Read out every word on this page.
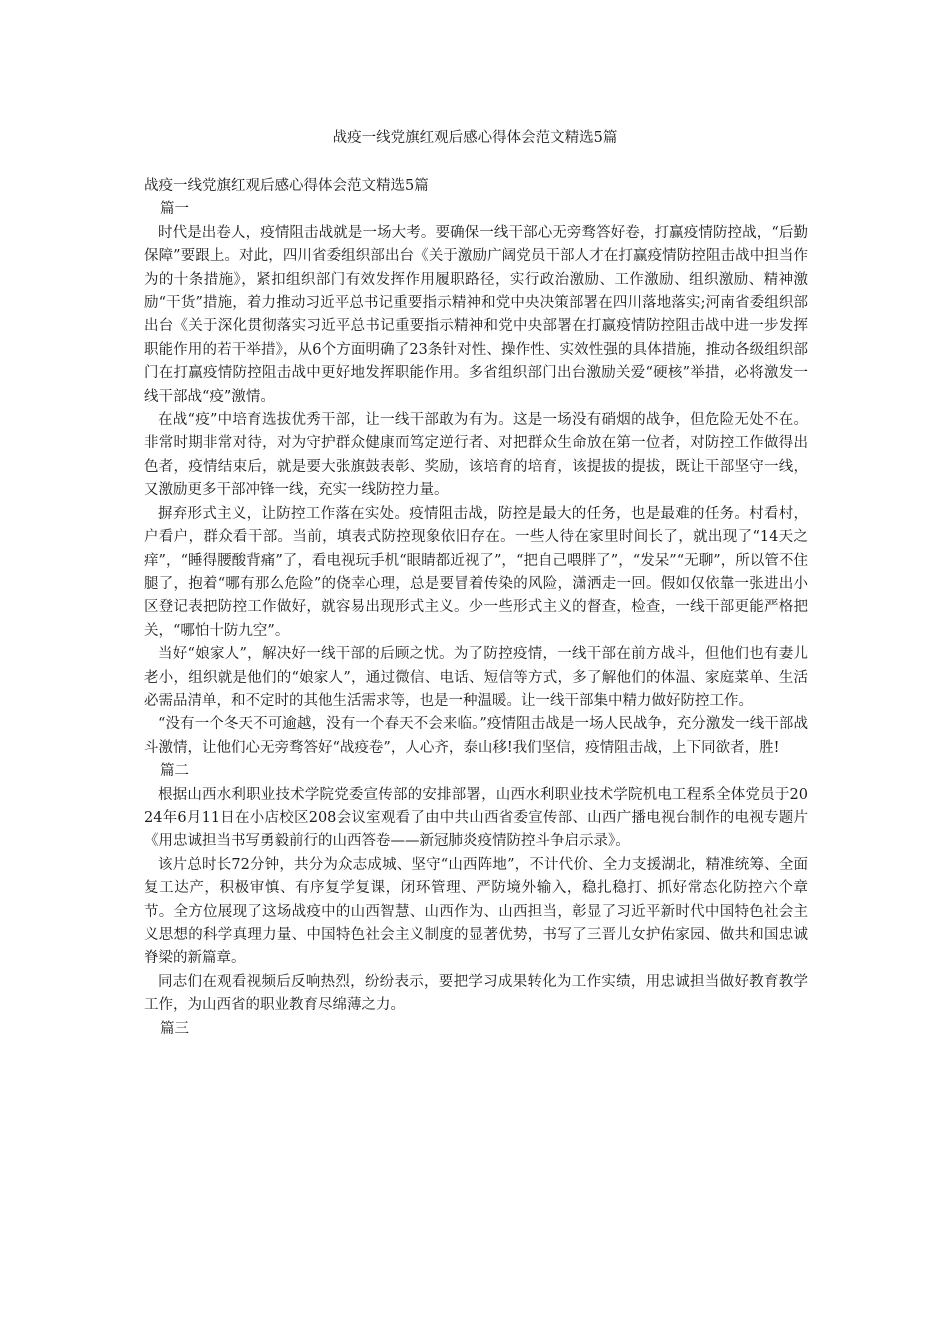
战疫一线党旗红观后感心得体会范文精选5篇

战疫一线党旗红观后感心得体会范文精选5篇

篇一

时代是出卷人，疫情阻击战就是一场大考。要确保一线干部心无旁骛答好卷，打赢疫情防控战，“后勤保障”要跟上。对此，四川省委组织部出台《关于激励广阔党员干部人才在打赢疫情防控阻击战中担当作为的十条措施》，紧扣组织部门有效发挥作用履职路径，实行政治激励、工作激励、组织激励、精神激励“干货”措施，着力推动习近平总书记重要指示精神和党中央决策部署在四川落地落实;河南省委组织部出台《关于深化贯彻落实习近平总书记重要指示精神和党中央部署在打赢疫情防控阻击战中进一步发挥职能作用的若干举措》，从6个方面明确了23条针对性、操作性、实效性强的具体措施，推动各级组织部门在打赢疫情防控阻击战中更好地发挥职能作用。多省组织部门出台激励关爱“硬核”举措，必将激发一线干部战“疫”激情。

在战“疫”中培育选拔优秀干部，让一线干部敢为有为。这是一场没有硝烟的战争，但危险无处不在。非常时期非常对待，对为守护群众健康而笃定逆行者、对把群众生命放在第一位者，对防控工作做得出色者，疫情结束后，就是要大张旗鼓表彰、奖励，该培育的培育，该提拔的提拔，既让干部坚守一线，又激励更多干部冲锋一线，充实一线防控力量。

摒弃形式主义，让防控工作落在实处。疫情阻击战，防控是最大的任务，也是最难的任务。村看村，户看户，群众看干部。当前，填表式防控现象依旧存在。一些人待在家里时间长了，就出现了“14天之痒”，“睡得腰酸背痛”了，看电视玩手机“眼睛都近视了”，“把自己喂胖了”，“发呆”“无聊”，所以管不住腿了，抱着“哪有那么危险”的侥幸心理，总是要冒着传染的风险，潇洒走一回。假如仅依靠一张进出小区登记表把防控工作做好，就容易出现形式主义。少一些形式主义的督查，检查，一线干部更能严格把关，“哪怕十防九空”。

当好“娘家人”，解决好一线干部的后顾之忧。为了防控疫情，一线干部在前方战斗，但他们也有妻儿老小，组织就是他们的“娘家人”，通过微信、电话、短信等方式，多了解他们的体温、家庭菜单、生活必需品清单，和不定时的其他生活需求等，也是一种温暖。让一线干部集中精力做好防控工作。

“没有一个冬天不可逾越，没有一个春天不会来临。”疫情阻击战是一场人民战争，充分激发一线干部战斗激情，让他们心无旁骛答好“战疫卷”，人心齐，泰山移!我们坚信，疫情阻击战，上下同欲者，胜!

篇二

根据山西水利职业技术学院党委宣传部的安排部署，山西水利职业技术学院机电工程系全体党员于2024年6月11日在小店校区208会议室观看了由中共山西省委宣传部、山西广播电视台制作的电视专题片《用忠诚担当书写勇毅前行的山西答卷——新冠肺炎疫情防控斗争启示录》。

该片总时长72分钟，共分为众志成城、坚守“山西阵地”，不计代价、全力支援湖北，精准统筹、全面复工达产，积极审慎、有序复学复课，闭环管理、严防境外输入，稳扎稳打、抓好常态化防控六个章节。全方位展现了这场战疫中的山西智慧、山西作为、山西担当，彰显了习近平新时代中国特色社会主义思想的科学真理力量、中国特色社会主义制度的显著优势，书写了三晋儿女护佑家园、做共和国忠诚脊梁的新篇章。

同志们在观看视频后反响热烈，纷纷表示，要把学习成果转化为工作实绩，用忠诚担当做好教育教学工作，为山西省的职业教育尽绵薄之力。

篇三
